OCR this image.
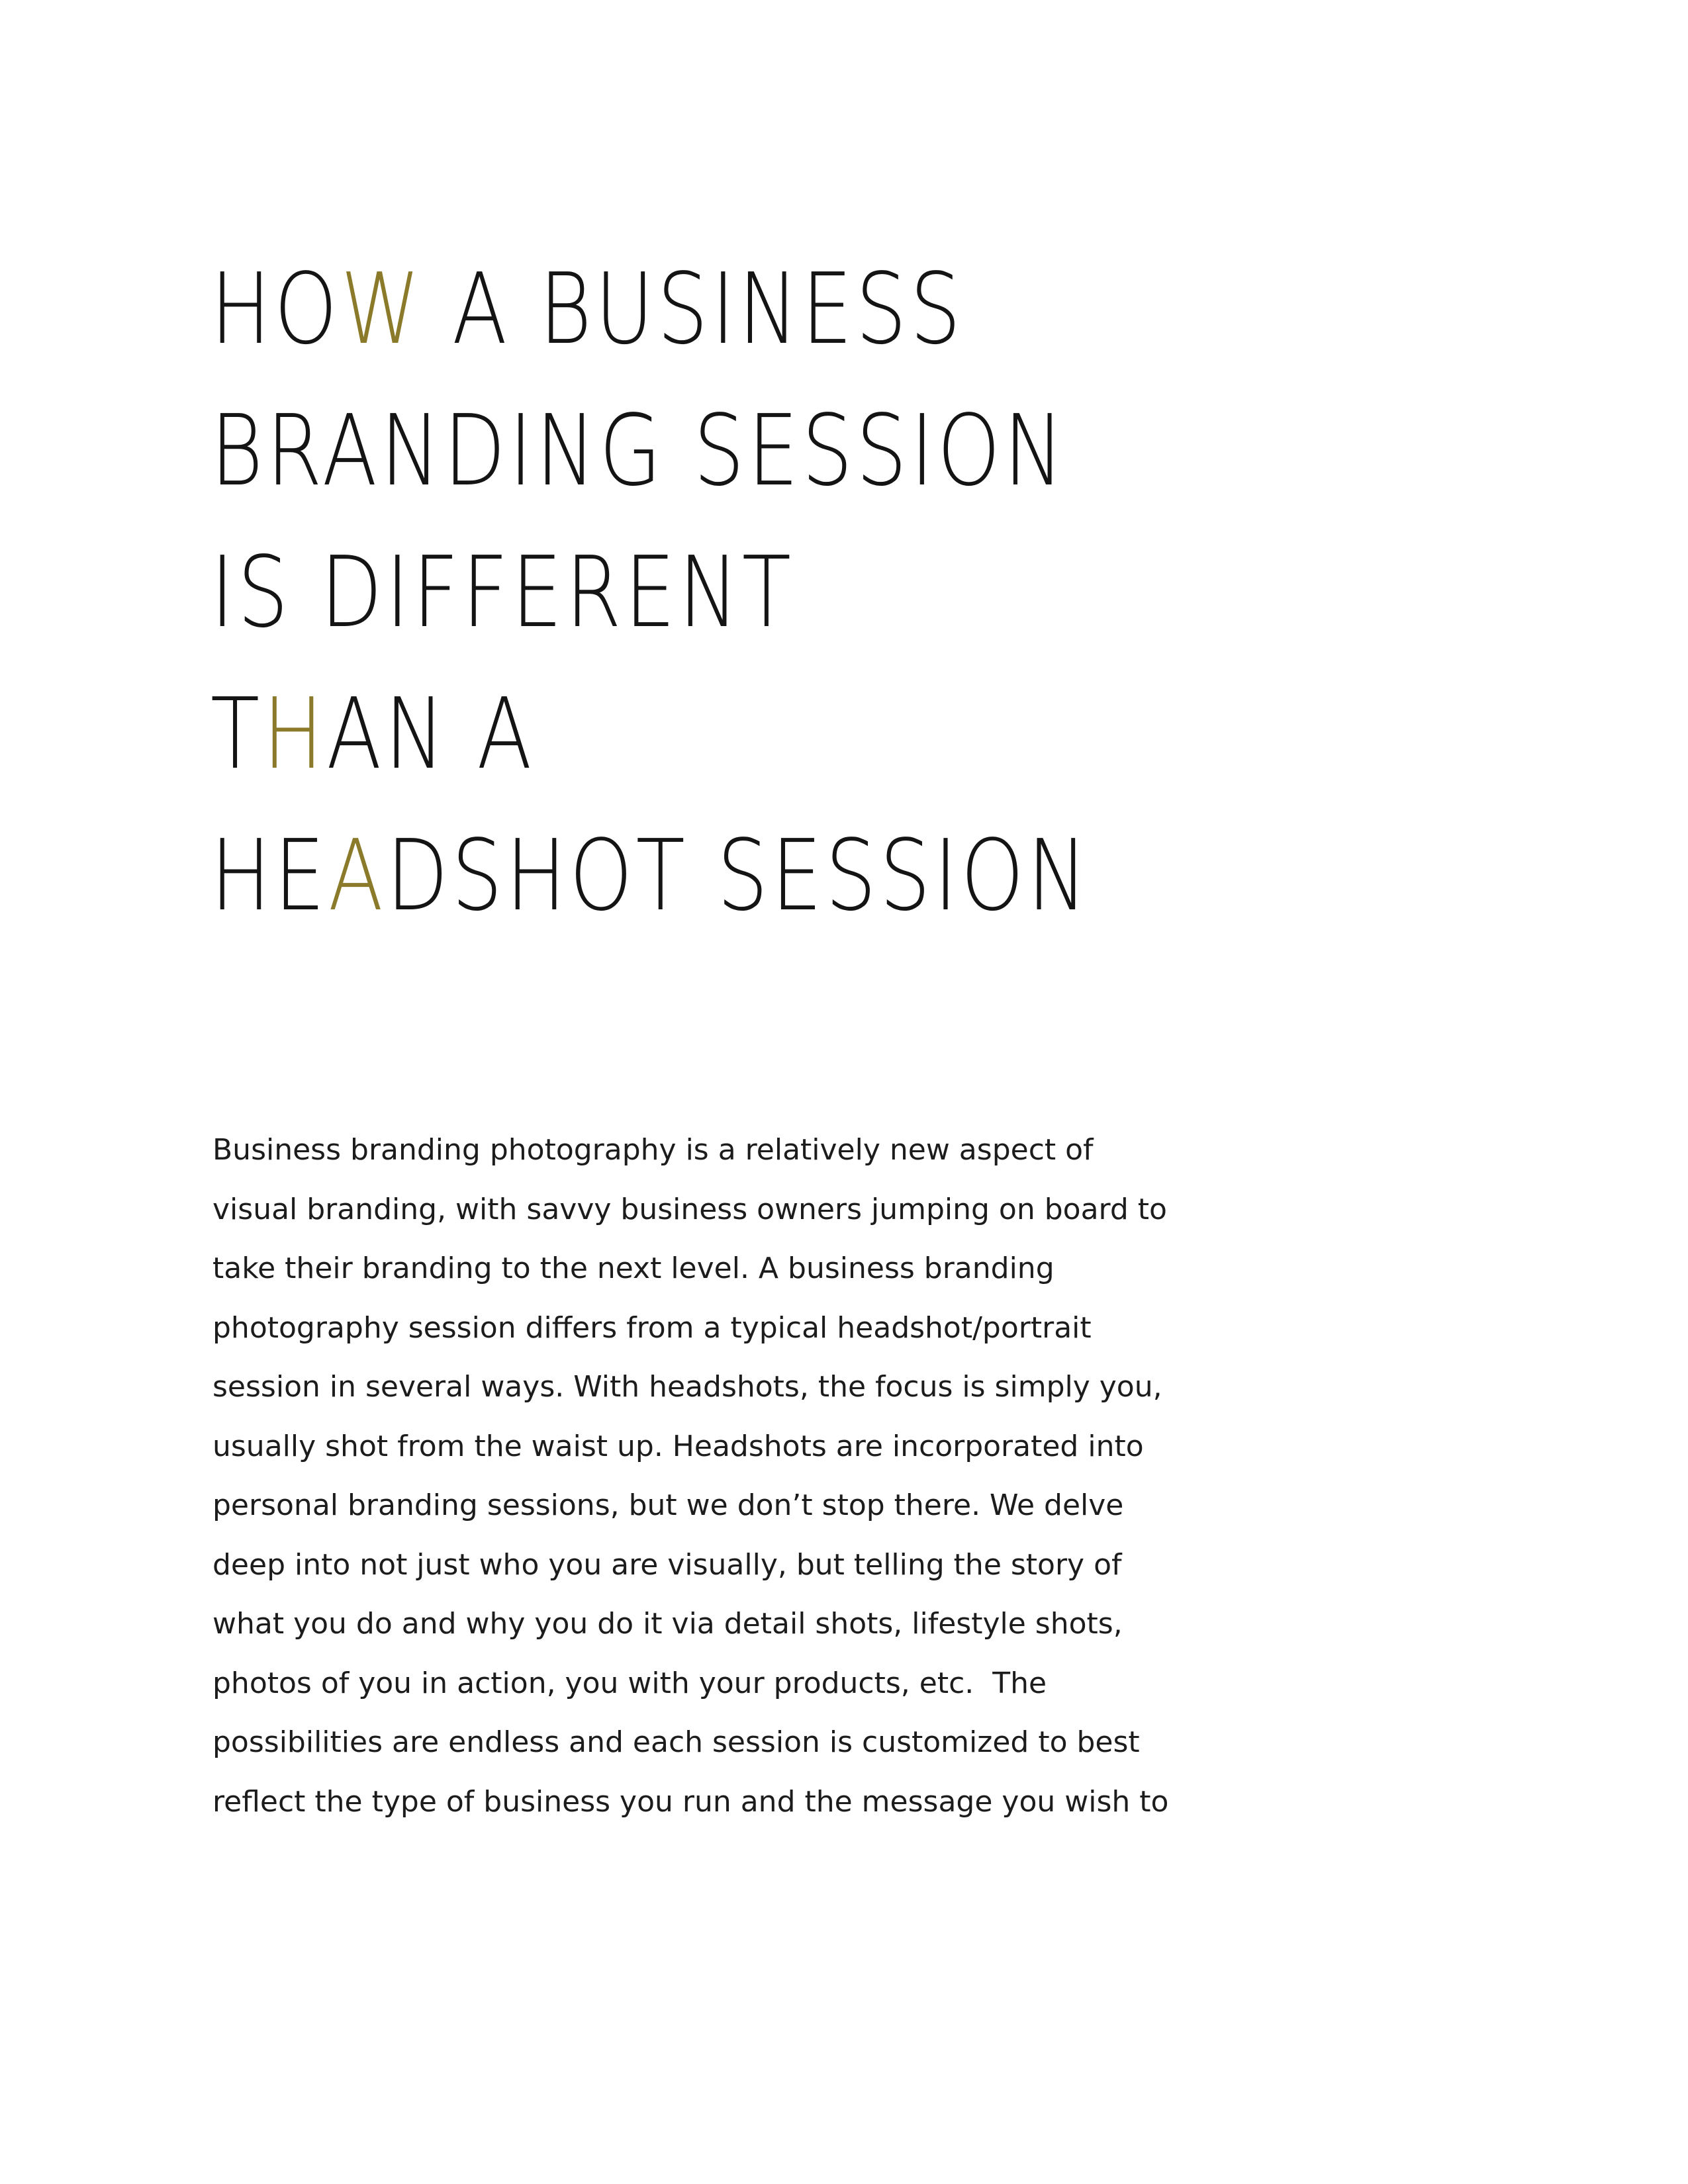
HOW A BUSINESS
BRANDING SESSION
IS DIFFERENT
THAN A
HEADSHOT SESSION

Business branding photography is a relatively new aspect of
visual branding, with savvy business owners jumping on board to
take their branding to the next level. A business branding
photography session differs from a typical headshot/portrait
session in several ways. With headshots, the focus is simply you,
usually shot from the waist up. Headshots are incorporated into
personal branding sessions, but we don’t stop there. We delve
deep into not just who you are visually, but telling the story of
what you do and why you do it via detail shots, lifestyle shots,
photos of you in action, you with your products, etc.  The
possibilities are endless and each session is customized to best
reflect the type of business you run and the message you wish to
